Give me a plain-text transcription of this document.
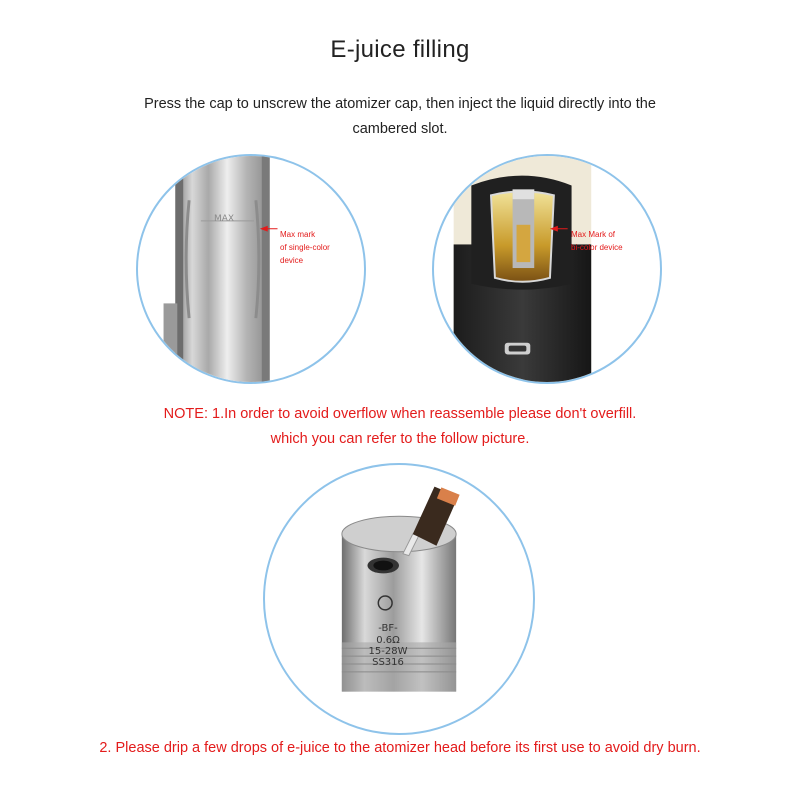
E-juice filling
Press the cap to unscrew the atomizer cap, then inject the liquid directly into the cambered slot.
MAX
Max mark
of single-color
device
Max Mark of
bi-color device
NOTE: 1.In order to avoid overflow when reassemble please don't overfill.
which you can refer to the follow picture.
-BF-
0.6Ω
15-28W
SS316
2. Please drip a few drops of e-juice to the atomizer head before its first use to avoid dry burn.
